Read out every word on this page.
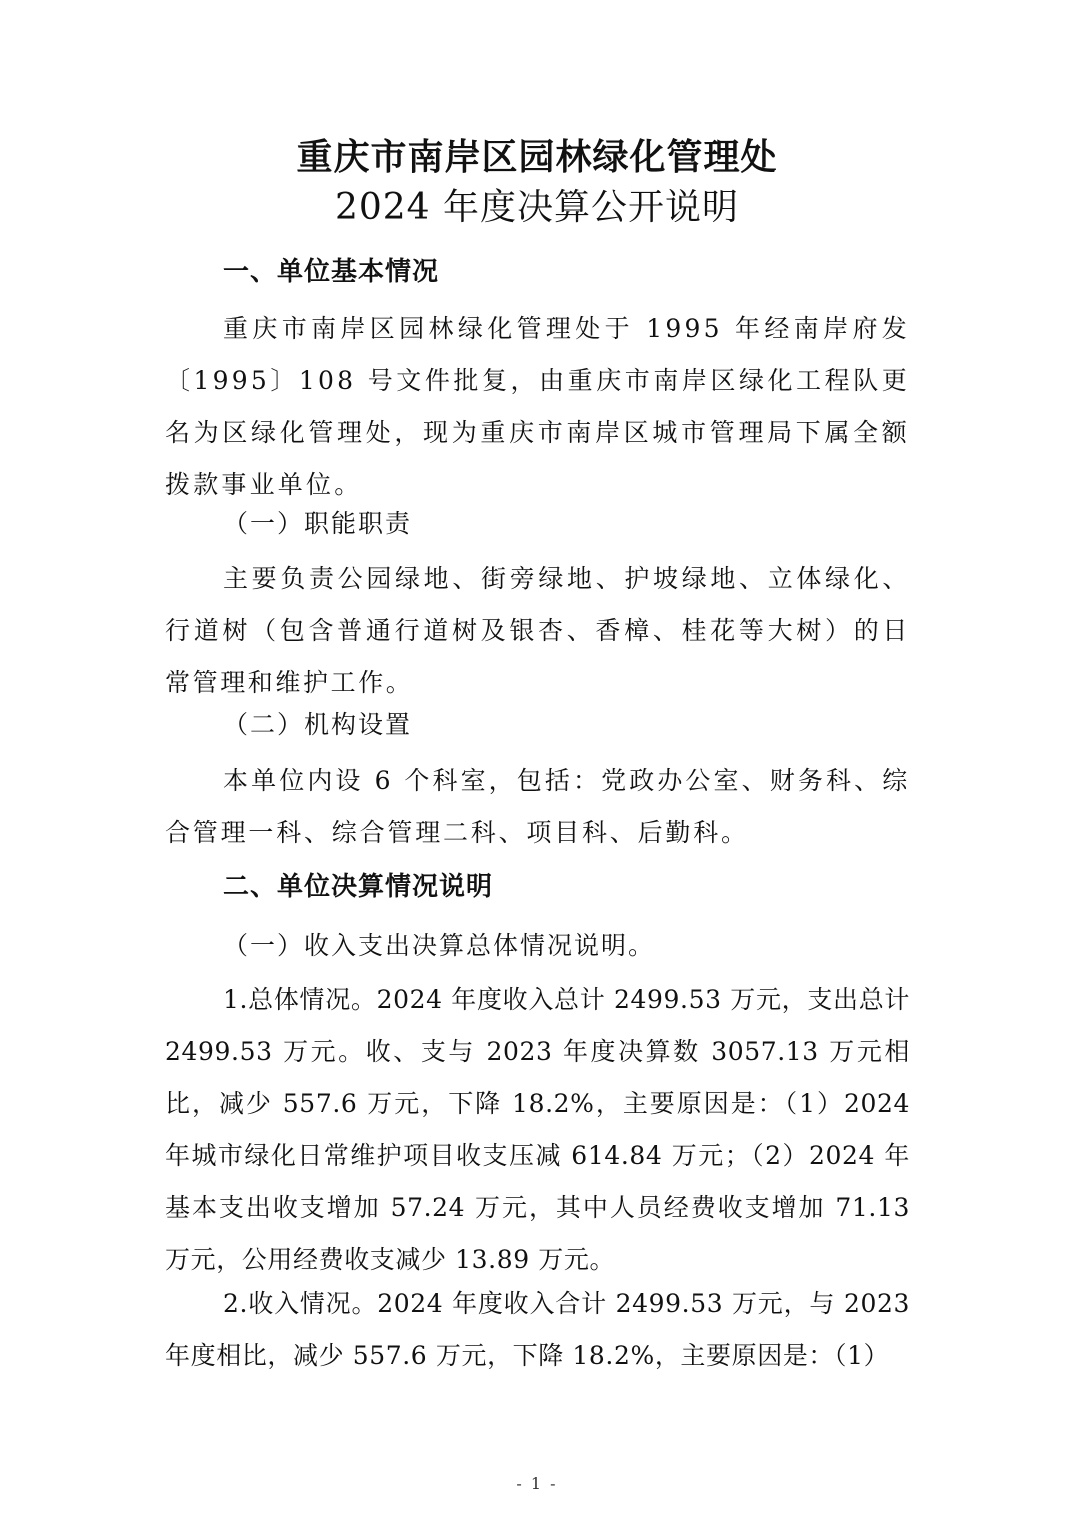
重庆市南岸区园林绿化管理处
2024 年度决算公开说明
一、单位基本情况
重庆市南岸区园林绿化管理处于 1995 年经南岸府发〔1995〕108 号文件批复，由重庆市南岸区绿化工程队更名为区绿化管理处，现为重庆市南岸区城市管理局下属全额拨款事业单位。
（一）职能职责
主要负责公园绿地、街旁绿地、护坡绿地、立体绿化、行道树（包含普通行道树及银杏、香樟、桂花等大树）的日常管理和维护工作。
（二）机构设置
本单位内设 6 个科室，包括：党政办公室、财务科、综合管理一科、综合管理二科、项目科、后勤科。
二、单位决算情况说明
（一）收入支出决算总体情况说明。
1.总体情况。2024 年度收入总计 2499.53 万元，支出总计 2499.53 万元。收、支与 2023 年度决算数 3057.13 万元相比，减少 557.6 万元，下降 18.2%，主要原因是：（1）2024 年城市绿化日常维护项目收支压减 614.84 万元；（2）2024 年基本支出收支增加 57.24 万元，其中人员经费收支增加 71.13 万元，公用经费收支减少 13.89 万元。
2.收入情况。2024 年度收入合计 2499.53 万元，与 2023 年度相比，减少 557.6 万元，下降 18.2%，主要原因是：（1）
- 1 -
